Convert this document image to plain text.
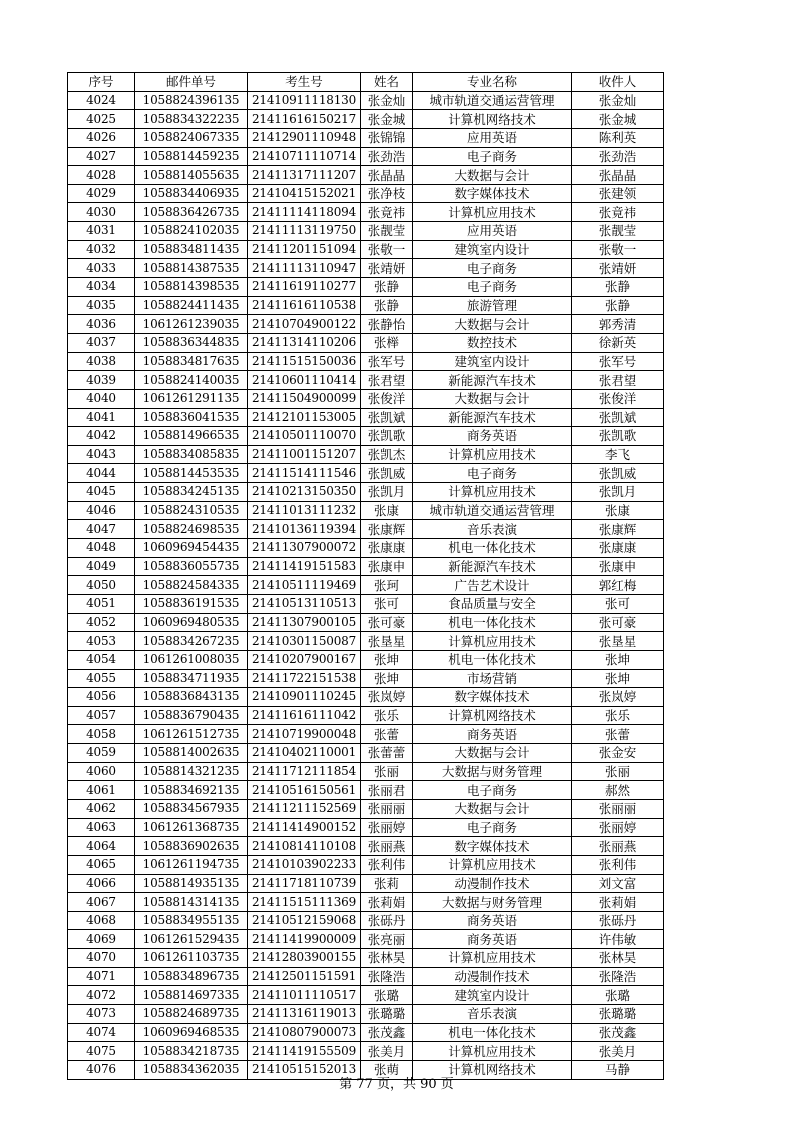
序号	邮件单号	考生号	姓名	专业名称	收件人
4024	1058824396135	21410911118130	张金灿	城市轨道交通运营管理	张金灿
4025	1058834322235	21411616150217	张金城	计算机网络技术	张金城
4026	1058824067335	21412901110948	张锦锦	应用英语	陈利英
4027	1058814459235	21410711110714	张劲浩	电子商务	张劲浩
4028	1058814055635	21411317111207	张晶晶	大数据与会计	张晶晶
4029	1058834406935	21410415152021	张净枝	数字媒体技术	张建领
4030	1058836426735	21411114118094	张竟祎	计算机应用技术	张竟祎
4031	1058824102035	21411113119750	张靓莹	应用英语	张靓莹
4032	1058834811435	21411201151094	张敬一	建筑室内设计	张敬一
4033	1058814387535	21411113110947	张靖妍	电子商务	张靖妍
4034	1058814398535	21411619110277	张静	电子商务	张静
4035	1058824411435	21411616110538	张静	旅游管理	张静
4036	1061261239035	21410704900122	张静怡	大数据与会计	郭秀清
4037	1058836344835	21411314110206	张榉	数控技术	徐新英
4038	1058834817635	21411515150036	张军号	建筑室内设计	张军号
4039	1058824140035	21410601110414	张君望	新能源汽车技术	张君望
4040	1061261291135	21411504900099	张俊洋	大数据与会计	张俊洋
4041	1058836041535	21412101153005	张凯斌	新能源汽车技术	张凯斌
4042	1058814966535	21410501110070	张凯歌	商务英语	张凯歌
4043	1058834085835	21411001151207	张凯杰	计算机应用技术	李飞
4044	1058814453535	21411514111546	张凯威	电子商务	张凯威
4045	1058834245135	21410213150350	张凯月	计算机应用技术	张凯月
4046	1058824310535	21411013111232	张康	城市轨道交通运营管理	张康
4047	1058824698535	21410136119394	张康辉	音乐表演	张康辉
4048	1060969454435	21411307900072	张康康	机电一体化技术	张康康
4049	1058836055735	21411419151583	张康申	新能源汽车技术	张康申
4050	1058824584335	21410511119469	张珂	广告艺术设计	郭红梅
4051	1058836191535	21410513110513	张可	食品质量与安全	张可
4052	1060969480535	21411307900105	张可豪	机电一体化技术	张可豪
4053	1058834267235	21410301150087	张垦星	计算机应用技术	张垦星
4054	1061261008035	21410207900167	张坤	机电一体化技术	张坤
4055	1058834711935	21411722151538	张坤	市场营销	张坤
4056	1058836843135	21410901110245	张岚婷	数字媒体技术	张岚婷
4057	1058836790435	21411616111042	张乐	计算机网络技术	张乐
4058	1061261512735	21410719900048	张蕾	商务英语	张蕾
4059	1058814002635	21410402110001	张蕾蕾	大数据与会计	张金安
4060	1058814321235	21411712111854	张丽	大数据与财务管理	张丽
4061	1058834692135	21410516150561	张丽君	电子商务	郝然
4062	1058834567935	21411211152569	张丽丽	大数据与会计	张丽丽
4063	1061261368735	21411414900152	张丽婷	电子商务	张丽婷
4064	1058836902635	21410814110108	张丽燕	数字媒体技术	张丽燕
4065	1061261194735	21410103902233	张利伟	计算机应用技术	张利伟
4066	1058814935135	21411718110739	张莉	动漫制作技术	刘文富
4067	1058814314135	21411515111369	张莉娟	大数据与财务管理	张莉娟
4068	1058834955135	21410512159068	张砾丹	商务英语	张砾丹
4069	1061261529435	21411419900009	张亮丽	商务英语	许伟敏
4070	1061261103735	21412803900155	张林昊	计算机应用技术	张林昊
4071	1058834896735	21412501151591	张隆浩	动漫制作技术	张隆浩
4072	1058814697335	21411011110517	张璐	建筑室内设计	张璐
4073	1058824689735	21411316119013	张璐璐	音乐表演	张璐璐
4074	1060969468535	21410807900073	张茂鑫	机电一体化技术	张茂鑫
4075	1058834218735	21411419155509	张美月	计算机应用技术	张美月
4076	1058834362035	21410515152013	张萌	计算机网络技术	马静
第 77 页，共 90 页
